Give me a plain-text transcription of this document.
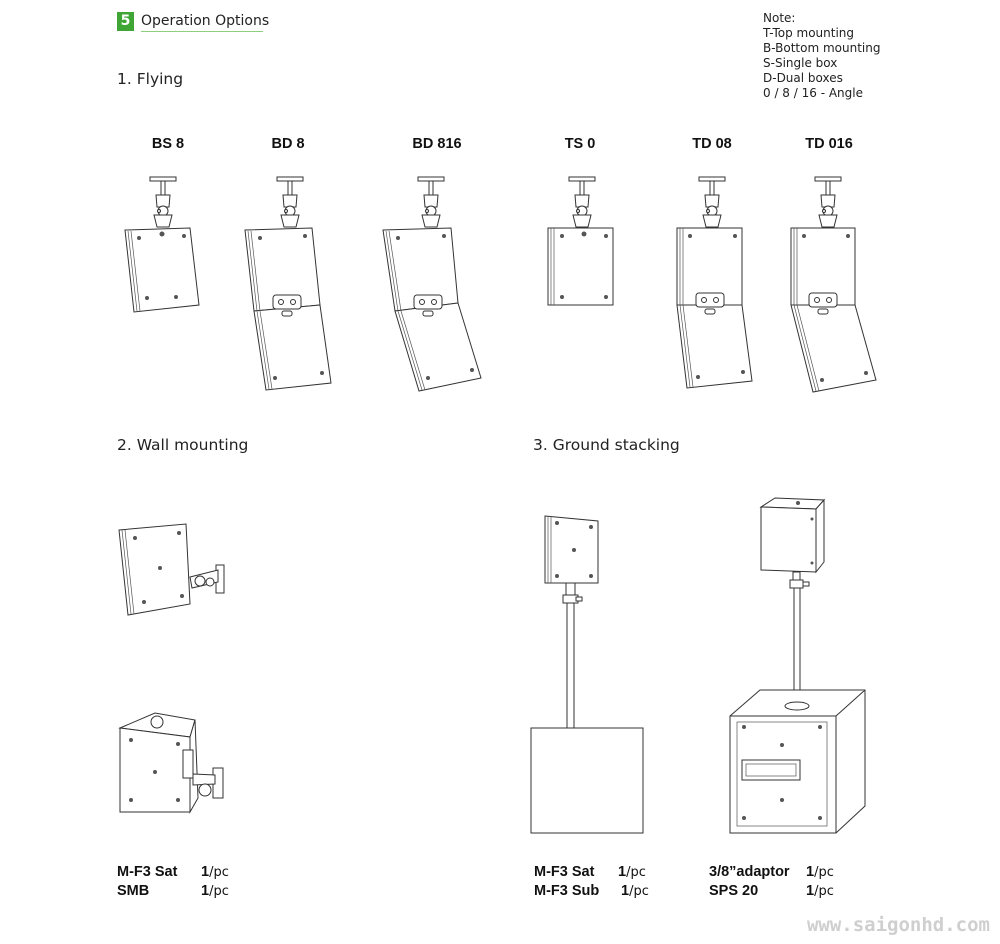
5 Operation Options	Note:
T-Top mounting
B-Bottom mounting
S-Single box
D-Dual boxes
0 / 8 / 16 - Angle
1. Flying
2. Wall mounting	3. Ground stacking
BS 8	BD 8	BD 816	TS 0	TD 08	TD 016
M-F3 Sat 1/pc
SMB	1/pc
M-F3 Sat 1/pc
M-F3 Sub 1/pc
3/8”adaptor 1/pc
SPS 20	1/pc
www.saigonhd.com
